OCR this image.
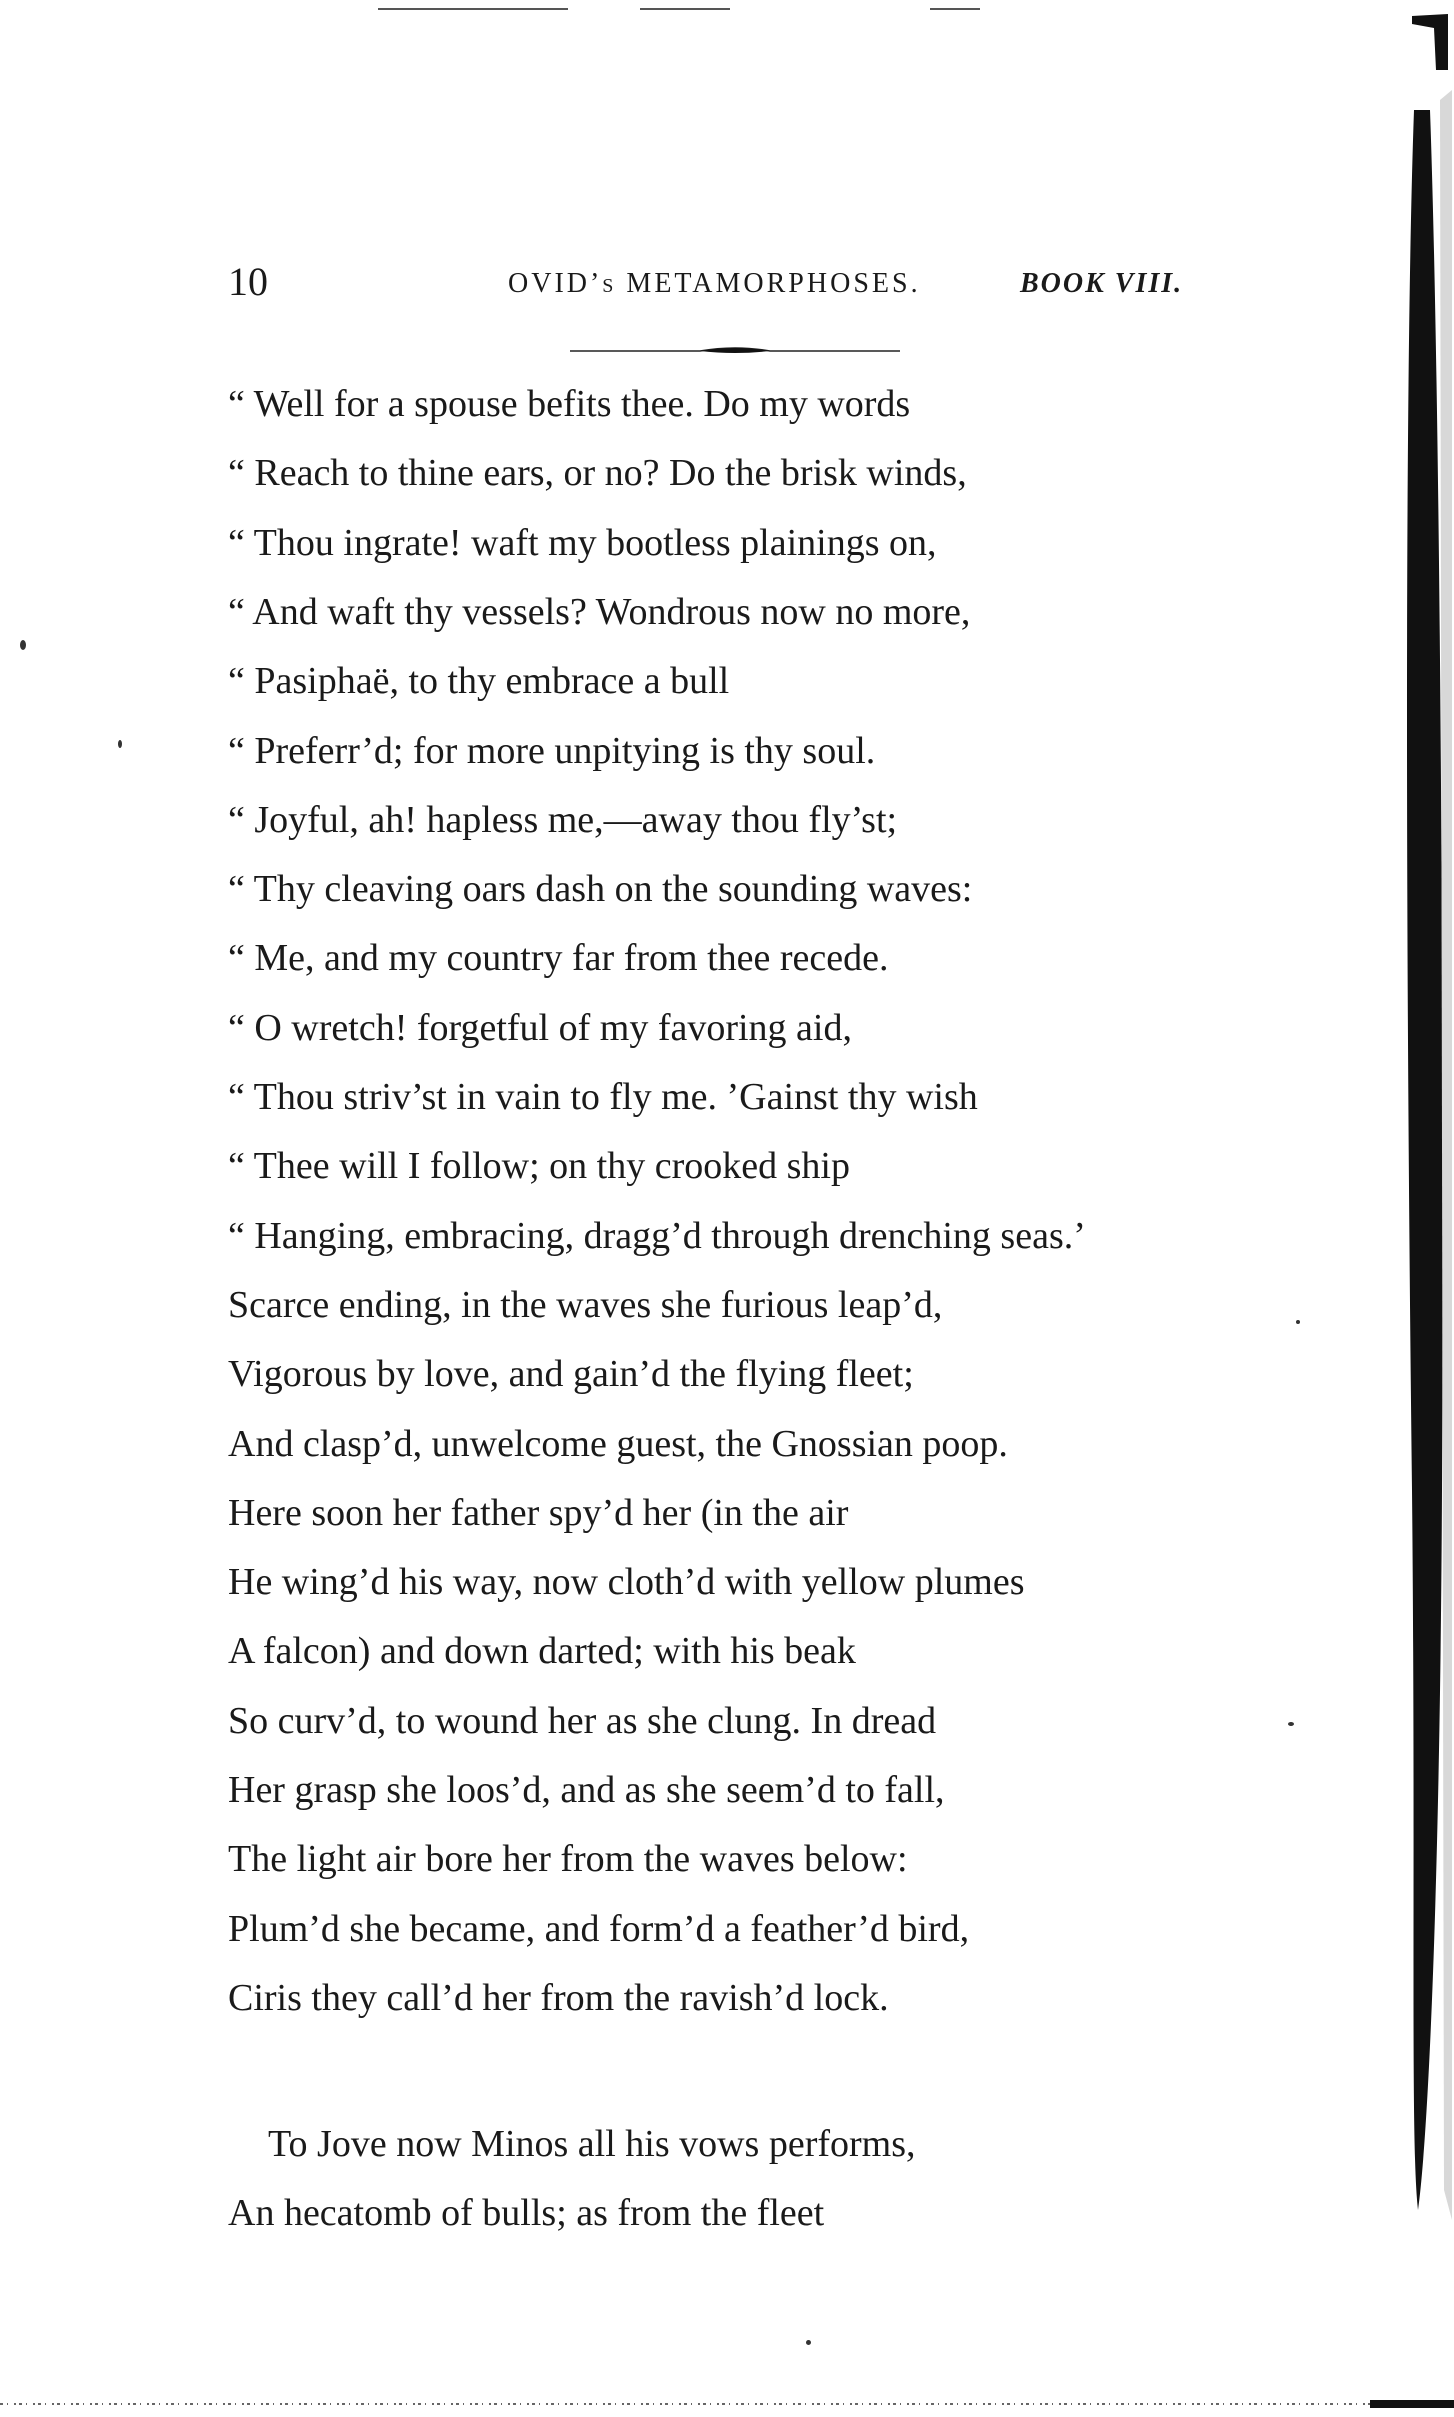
10	OVID’s METAMORPHOSES.	BOOK VIII.
“ Well for a spouse befits thee. Do my words
“ Reach to thine ears, or no? Do the brisk winds,
“ Thou ingrate! waft my bootless plainings on,
“ And waft thy vessels? Wondrous now no more,
“ Pasiphaë, to thy embrace a bull
“ Preferr’d; for more unpitying is thy soul.
“ Joyful, ah! hapless me,—away thou fly’st;
“ Thy cleaving oars dash on the sounding waves:
“ Me, and my country far from thee recede.
“ O wretch! forgetful of my favoring aid,
“ Thou striv’st in vain to fly me. ’Gainst thy wish
“ Thee will I follow; on thy crooked ship
“ Hanging, embracing, dragg’d through drenching seas.’
Scarce ending, in the waves she furious leap’d,
Vigorous by love, and gain’d the flying fleet;
And clasp’d, unwelcome guest, the Gnossian poop.
Here soon her father spy’d her (in the air
He wing’d his way, now cloth’d with yellow plumes
A falcon) and down darted; with his beak
So curv’d, to wound her as she clung. In dread
Her grasp she loos’d, and as she seem’d to fall,
The light air bore her from the waves below:
Plum’d she became, and form’d a feather’d bird,
Ciris they call’d her from the ravish’d lock.
To Jove now Minos all his vows performs,
An hecatomb of bulls; as from the fleet
